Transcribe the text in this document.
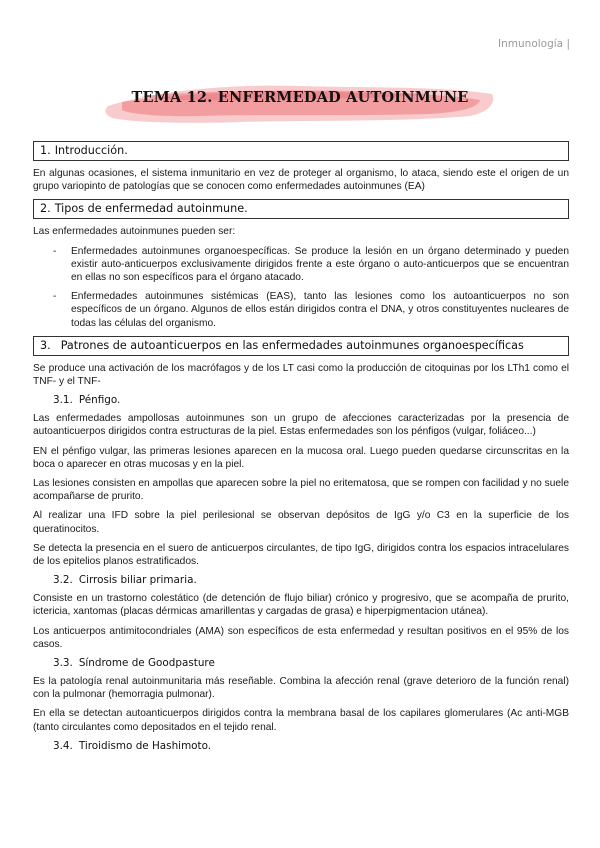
Inmunología |
TEMA 12. ENFERMEDAD AUTOINMUNE
1. Introducción.

En algunas ocasiones, el sistema inmunitario en vez de proteger al organismo, lo ataca, siendo este el origen de un grupo variopinto de patologías que se conocen como enfermedades autoinmunes (EA)

2. Tipos de enfermedad autoinmune.

Las enfermedades autoinmunes pueden ser:

- Enfermedades autoinmunes organoespecíficas. Se produce la lesión en un órgano determinado y pueden existir auto-anticuerpos exclusivamente dirigidos frente a este órgano o auto-anticuerpos que se encuentran en ellas no son específicos para el órgano atacado.
- Enfermedades autoinmunes sistémicas (EAS), tanto las lesiones como los autoanticuerpos no son específicos de un órgano. Algunos de ellos están dirigidos contra el DNA, y otros constituyentes nucleares de todas las células del organismo.
3. Patrones de autoanticuerpos en las enfermedades autoinmunes organoespecíficas

Se produce una activación de los macrófagos y de los LT casi como la producción de citoquinas por los LTh1 como el TNF- y el TNF-

3.1. Pénfigo.

Las enfermedades ampollosas autoinmunes son un grupo de afecciones caracterizadas por la presencia de autoanticuerpos dirigidos contra estructuras de la piel. Estas enfermedades son los pénfigos (vulgar, foliáceo...)

EN el pénfigo vulgar, las primeras lesiones aparecen en la mucosa oral. Luego pueden quedarse circunscritas en la boca o aparecer en otras mucosas y en la piel.

Las lesiones consisten en ampollas que aparecen sobre la piel no eritematosa, que se rompen con facilidad y no suele acompañarse de prurito.

Al realizar una IFD sobre la piel perilesional se observan depósitos de IgG y/o C3 en la superficie de los queratinocitos.

Se detecta la presencia en el suero de anticuerpos circulantes, de tipo IgG, dirigidos contra los espacios intracelulares de los epitelios planos estratificados.

3.2. Cirrosis biliar primaria.

Consiste en un trastorno colestático (de detención de flujo biliar) crónico y progresivo, que se acompaña de prurito, ictericia, xantomas (placas dérmicas amarillentas y cargadas de grasa) e hiperpigmentacion utánea).

Los anticuerpos antimitocondriales (AMA) son específicos de esta enfermedad y resultan positivos en el 95% de los casos.

3.3. Síndrome de Goodpasture

Es la patología renal autoinmunitaria más reseñable. Combina la afección renal (grave deterioro de la función renal) con la pulmonar (hemorragia pulmonar).

En ella se detectan autoanticuerpos dirigidos contra la membrana basal de los capilares glomerulares (Ac anti-MGB (tanto circulantes como depositados en el tejido renal.

3.4. Tiroidismo de Hashimoto.
